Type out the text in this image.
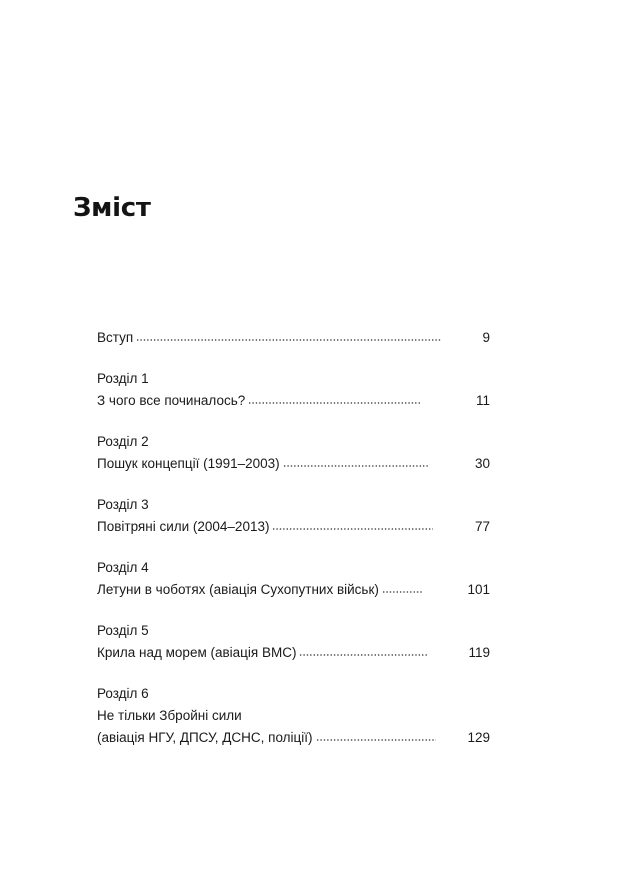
Зміст
Вступ	9
Розділ 1
З чого все починалось?	11
Розділ 2
Пошук концепції (1991–2003)	30
Розділ 3
Повітряні сили (2004–2013)	77
Розділ 4
Летуни в чоботях (авіація Сухопутних військ)	101
Розділ 5
Крила над морем (авіація ВМС)	119
Розділ 6
Не тільки Збройні сили
(авіація НГУ, ДПСУ, ДСНС, поліції)	129
